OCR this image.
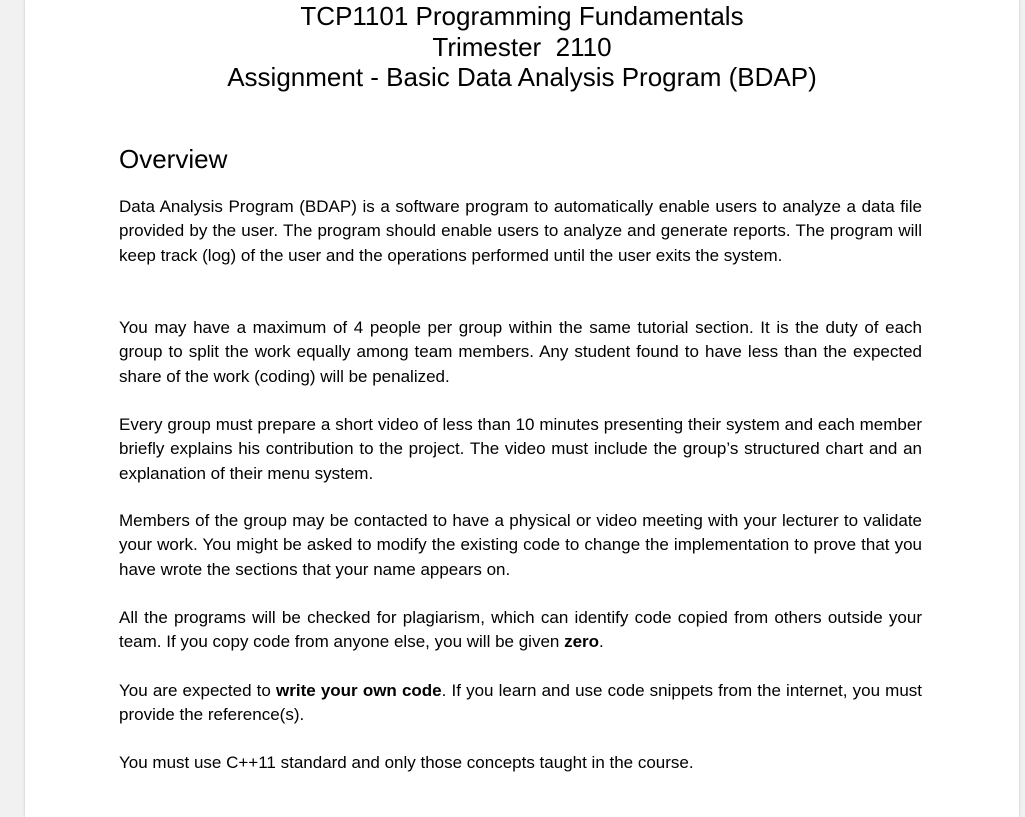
TCP1101 Programming Fundamentals
Trimester  2110
Assignment - Basic Data Analysis Program (BDAP)
Overview

Data Analysis Program (BDAP) is a software program to automatically enable users to analyze a data file provided by the user. The program should enable users to analyze and generate reports. The program will keep track (log) of the user and the operations performed until the user exits the system.

You may have a maximum of 4 people per group within the same tutorial section. It is the duty of each group to split the work equally among team members. Any student found to have less than the expected share of the work (coding) will be penalized.

Every group must prepare a short video of less than 10 minutes presenting their system and each member briefly explains his contribution to the project. The video must include the group’s structured chart and an explanation of their menu system.

Members of the group may be contacted to have a physical or video meeting with your lecturer to validate your work. You might be asked to modify the existing code to change the implementation to prove that you have wrote the sections that your name appears on.

All the programs will be checked for plagiarism, which can identify code copied from others outside your team. If you copy code from anyone else, you will be given zero.

You are expected to write your own code. If you learn and use code snippets from the internet, you must provide the reference(s).

You must use C++11 standard and only those concepts taught in the course.
